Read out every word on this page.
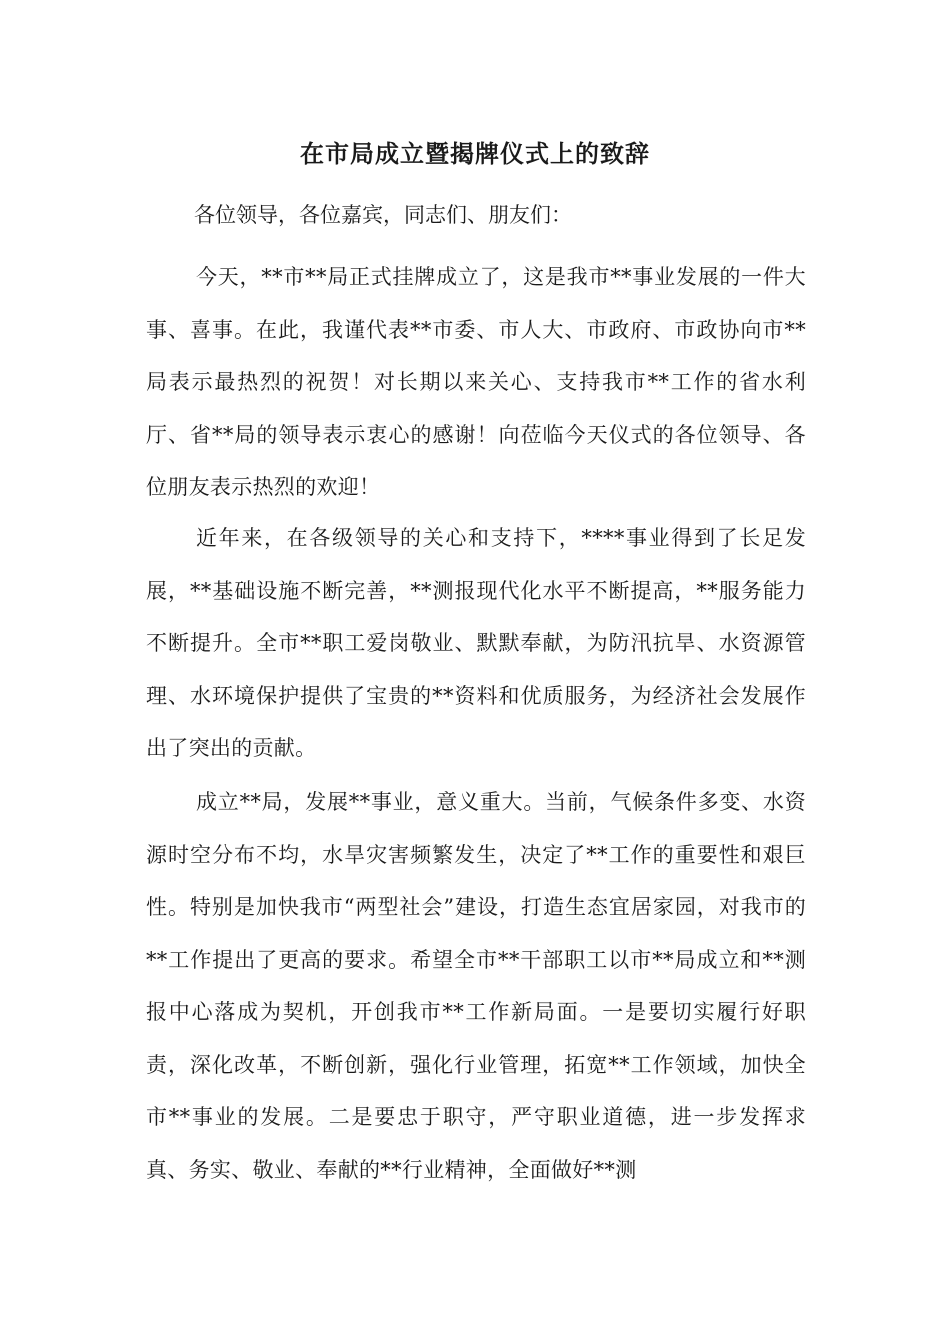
在市局成立暨揭牌仪式上的致辞
各位领导，各位嘉宾，同志们、朋友们：

今天，**市**局正式挂牌成立了，这是我市**事业发展的一件大事、喜事。在此，我谨代表**市委、市人大、市政府、市政协向市**局表示最热烈的祝贺！对长期以来关心、支持我市**工作的省水利厅、省**局的领导表示衷心的感谢！向莅临今天仪式的各位领导、各位朋友表示热烈的欢迎！

近年来，在各级领导的关心和支持下，****事业得到了长足发展，**基础设施不断完善，**测报现代化水平不断提高，**服务能力不断提升。全市**职工爱岗敬业、默默奉献，为防汛抗旱、水资源管理、水环境保护提供了宝贵的**资料和优质服务，为经济社会发展作出了突出的贡献。

成立**局，发展**事业，意义重大。当前，气候条件多变、水资源时空分布不均，水旱灾害频繁发生，决定了**工作的重要性和艰巨性。特别是加快我市“两型社会”建设，打造生态宜居家园，对我市的**工作提出了更高的要求。希望全市**干部职工以市**局成立和**测报中心落成为契机，开创我市**工作新局面。一是要切实履行好职责，深化改革，不断创新，强化行业管理，拓宽**工作领域，加快全市**事业的发展。二是要忠于职守，严守职业道德，进一步发挥求真、务实、敬业、奉献的**行业精神，全面做好**测
